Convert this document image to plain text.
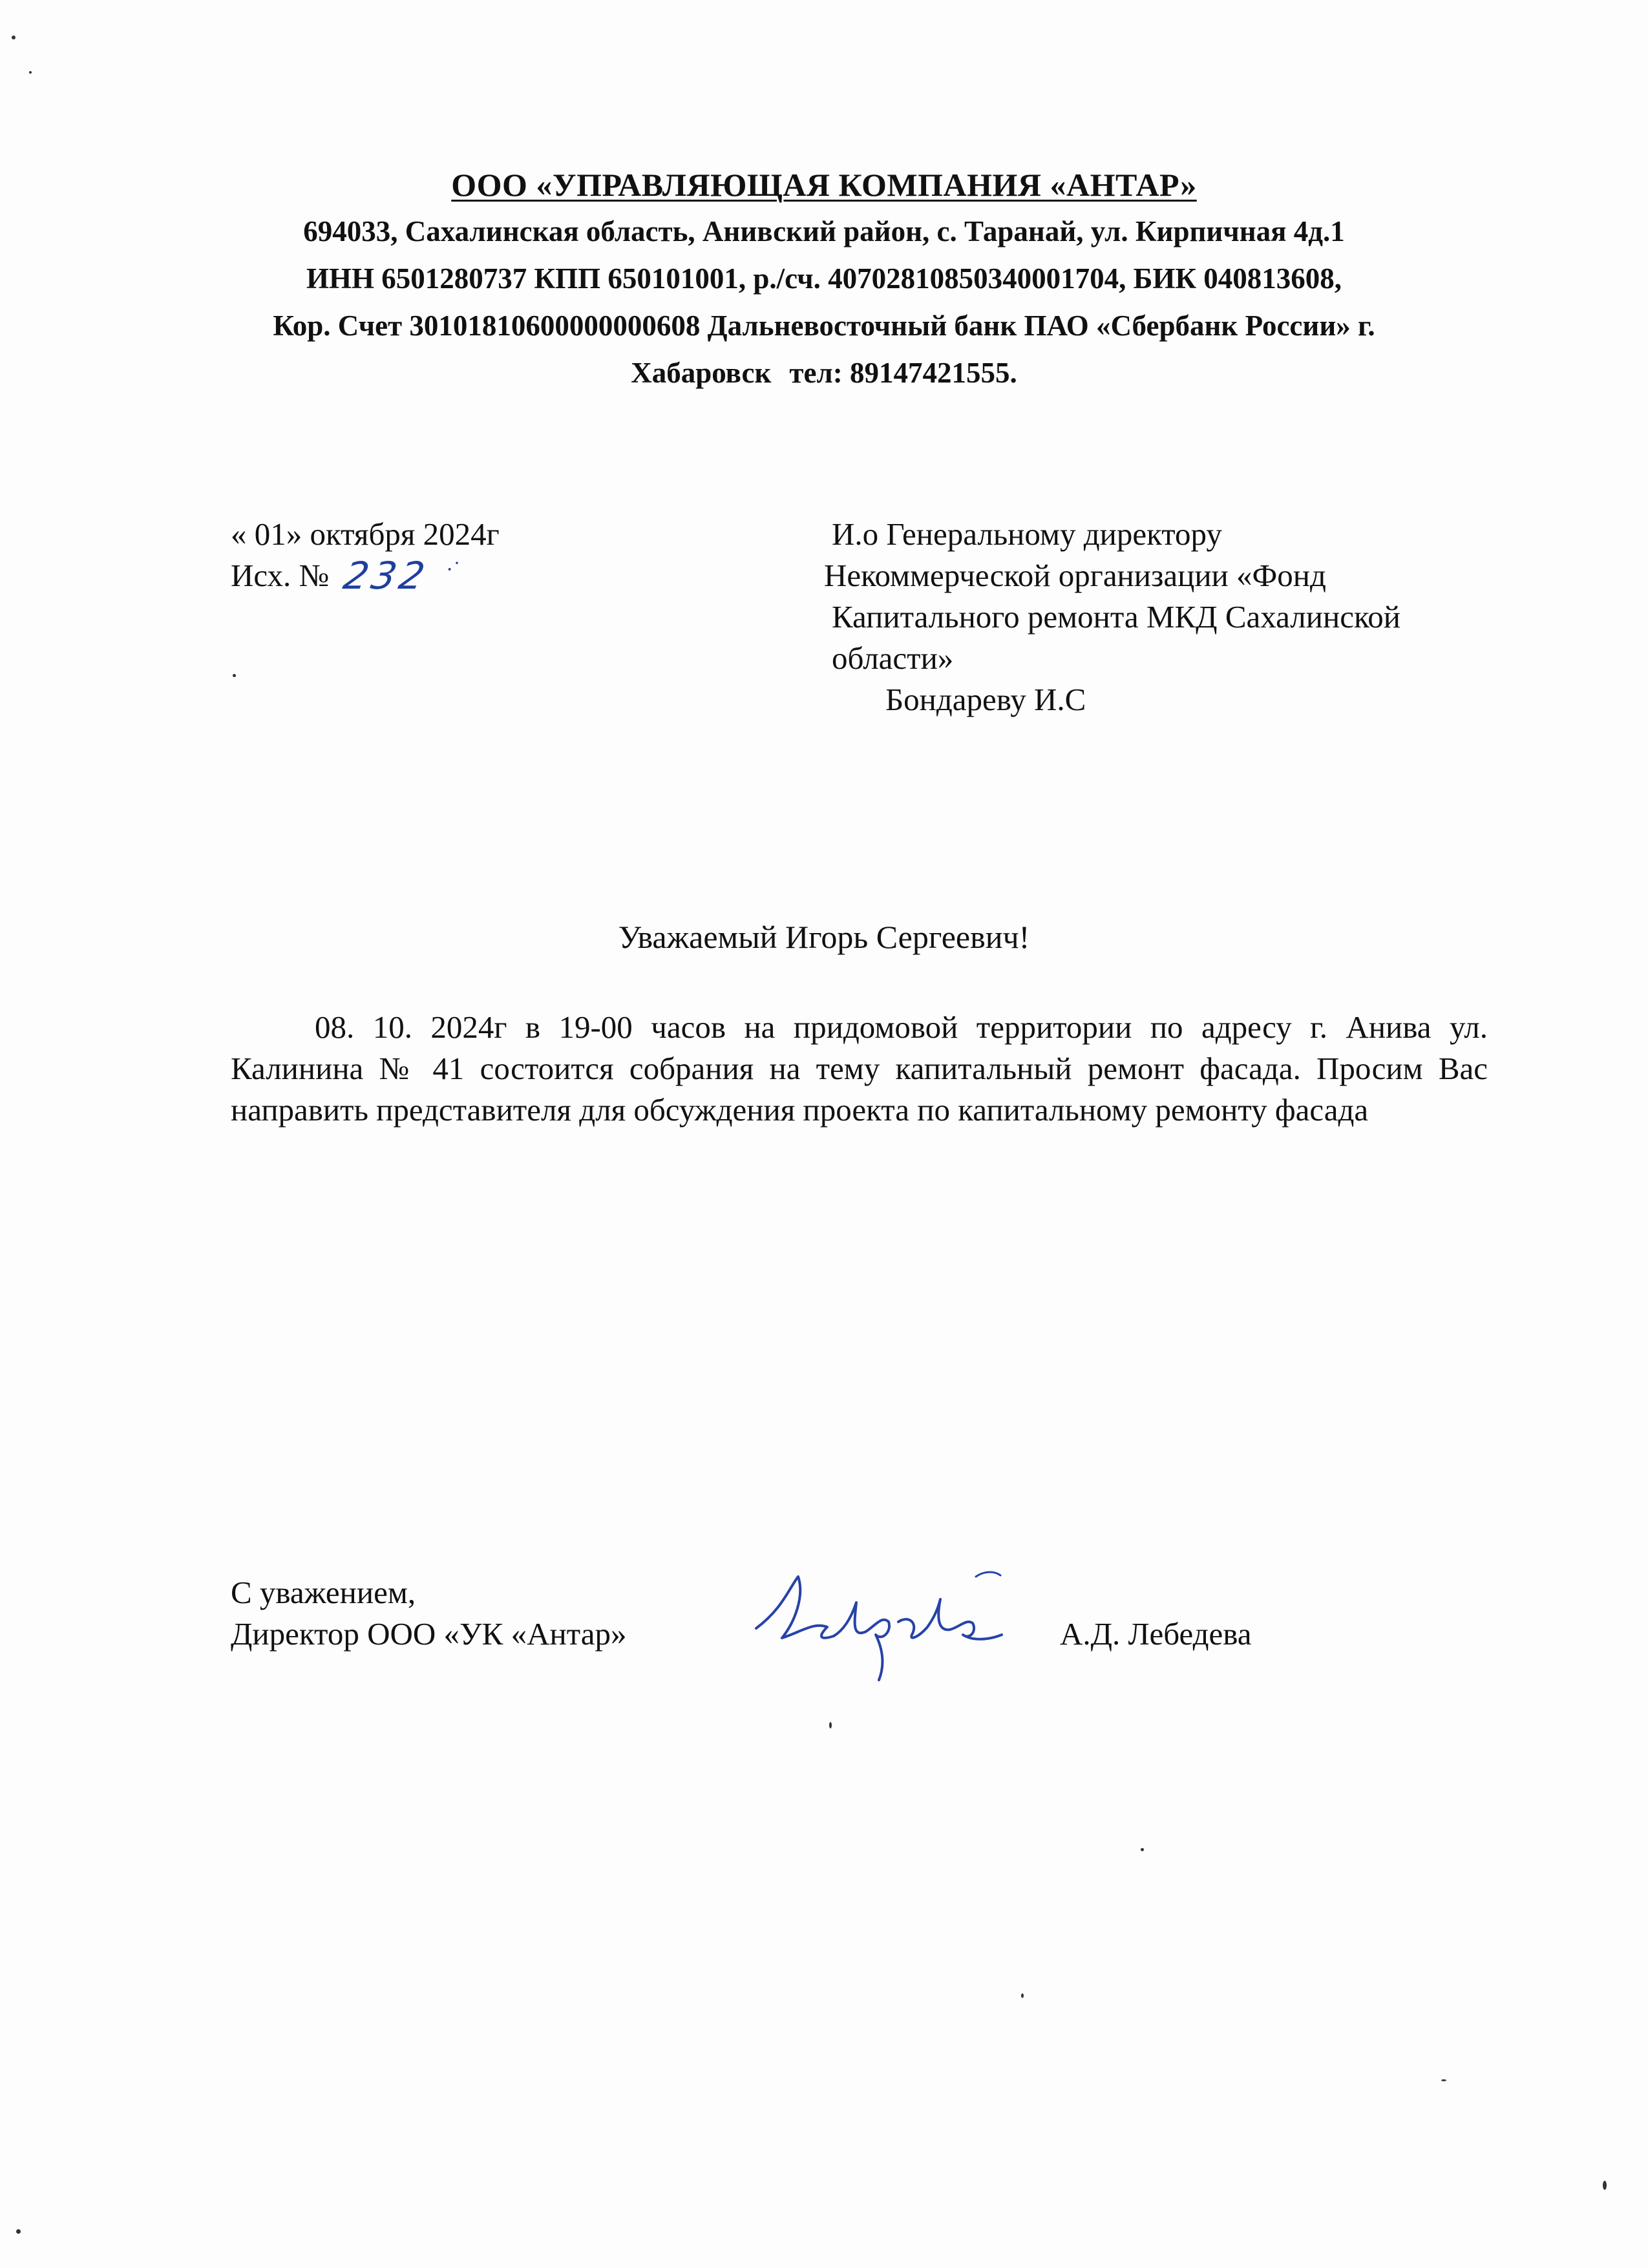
ООО «УПРАВЛЯЮЩАЯ КОМПАНИЯ «АНТАР»
694033, Сахалинская область, Анивский район, с. Таранай, ул. Кирпичная 4д.1
ИНН 6501280737 КПП 650101001, р./сч. 40702810850340001704, БИК 040813608,
Кор. Счет 30101810600000000608 Дальневосточный банк ПАО «Сбербанк России» г.
Хабаровск тел: 89147421555.
« 01» октября 2024г
Исх. № 232 ·˙
И.о Генеральному директору
Некоммерческой организации «Фонд
Капитального ремонта МКД Сахалинской
области»
Бондареву И.С
Уважаемый Игорь Сергеевич!
08. 10. 2024г в 19-00 часов на придомовой территории по адресу г. Анива ул. Калинина № 41 состоится собрания на тему капитальный ремонт фасада. Просим Вас направить представителя для обсуждения проекта по капитальному ремонту фасада
С уважением,
Директор ООО «УК «Антар»	А.Д. Лебедева
